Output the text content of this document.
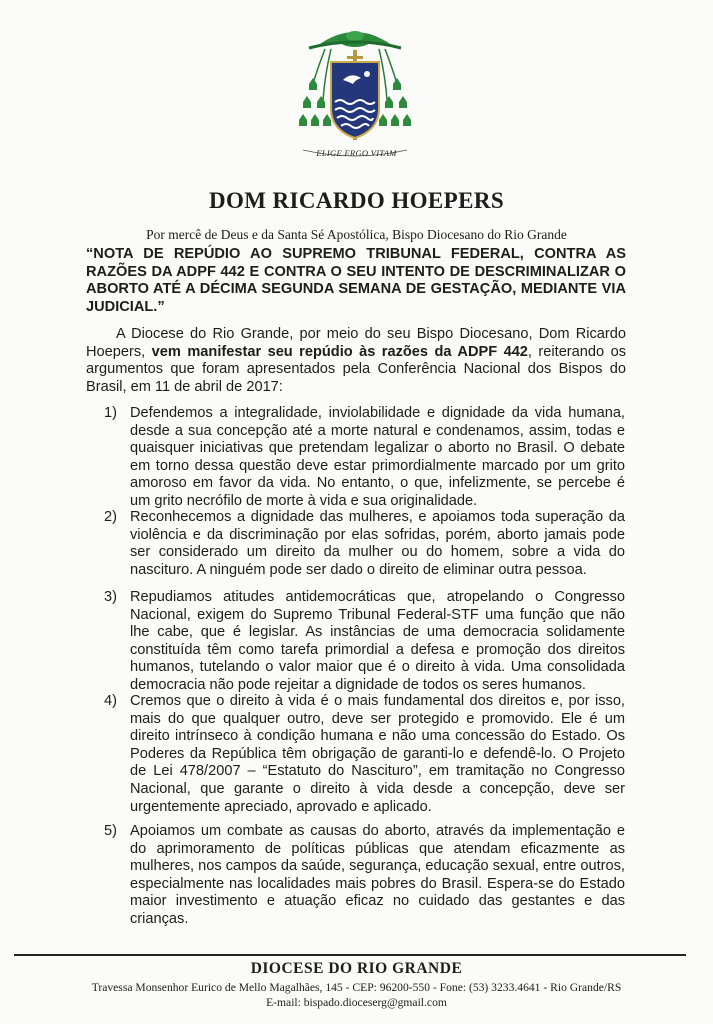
ELIGE ERGO VITAM
DOM RICARDO HOEPERS
Por mercê de Deus e da Santa Sé Apostólica, Bispo Diocesano do Rio Grande
“NOTA DE REPÚDIO AO SUPREMO TRIBUNAL FEDERAL, CONTRA AS RAZÕES DA ADPF 442 E CONTRA O SEU INTENTO DE DESCRIMINALIZAR O ABORTO ATÉ A DÉCIMA SEGUNDA SEMANA DE GESTAÇÃO, MEDIANTE VIA JUDICIAL.”
A Diocese do Rio Grande, por meio do seu Bispo Diocesano, Dom Ricardo Hoepers, vem manifestar seu repúdio às razões da ADPF 442, reiterando os argumentos que foram apresentados pela Conferência Nacional dos Bispos do Brasil, em 11 de abril de 2017:
1) Defendemos a integralidade, inviolabilidade e dignidade da vida humana, desde a sua concepção até a morte natural e condenamos, assim, todas e quaisquer iniciativas que pretendam legalizar o aborto no Brasil. O debate em torno dessa questão deve estar primordialmente marcado por um grito amoroso em favor da vida. No entanto, o que, infelizmente, se percebe é um grito necrófilo de morte à vida e sua originalidade.
2) Reconhecemos a dignidade das mulheres, e apoiamos toda superação da violência e da discriminação por elas sofridas, porém, aborto jamais pode ser considerado um direito da mulher ou do homem, sobre a vida do nascituro. A ninguém pode ser dado o direito de eliminar outra pessoa.
3) Repudiamos atitudes antidemocráticas que, atropelando o Congresso Nacional, exigem do Supremo Tribunal Federal-STF uma função que não lhe cabe, que é legislar. As instâncias de uma democracia solidamente constituída têm como tarefa primordial a defesa e promoção dos direitos humanos, tutelando o valor maior que é o direito à vida. Uma consolidada democracia não pode rejeitar a dignidade de todos os seres humanos.
4) Cremos que o direito à vida é o mais fundamental dos direitos e, por isso, mais do que qualquer outro, deve ser protegido e promovido. Ele é um direito intrínseco à condição humana e não uma concessão do Estado. Os Poderes da República têm obrigação de garanti-lo e defendê-lo. O Projeto de Lei 478/2007 – “Estatuto do Nascituro”, em tramitação no Congresso Nacional, que garante o direito à vida desde a concepção, deve ser urgentemente apreciado, aprovado e aplicado.
5) Apoiamos um combate as causas do aborto, através da implementação e do aprimoramento de políticas públicas que atendam eficazmente as mulheres, nos campos da saúde, segurança, educação sexual, entre outros, especialmente nas localidades mais pobres do Brasil. Espera-se do Estado maior investimento e atuação eficaz no cuidado das gestantes e das crianças.
DIOCESE DO RIO GRANDE
Travessa Monsenhor Eurico de Mello Magalhães, 145 - CEP: 96200-550 - Fone: (53) 3233.4641 - Rio Grande/RS
E-mail: bispado.dioceserg@gmail.com
